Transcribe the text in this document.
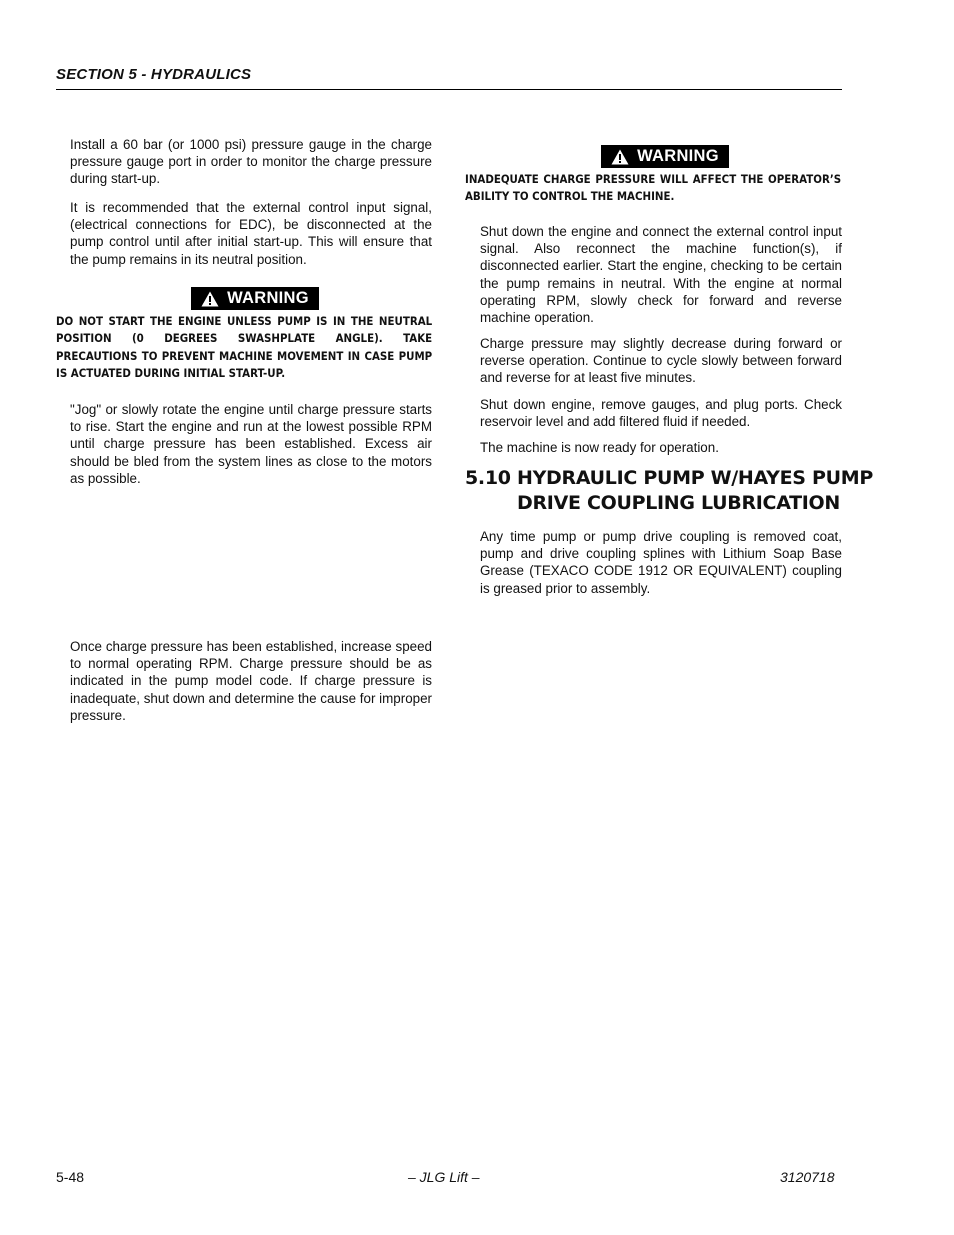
SECTION 5 - HYDRAULICS

Install a 60 bar (or 1000 psi) pressure gauge in the charge pressure gauge port in order to monitor the charge pressure during start-up.

It is recommended that the external control input signal, (electrical connections for EDC), be disconnected at the pump control until after initial start-up. This will ensure that the pump remains in its neutral position.

WARNING

DO NOT START THE ENGINE UNLESS PUMP IS IN THE NEUTRAL POSITION (0 DEGREES SWASHPLATE ANGLE). TAKE PRECAUTIONS TO PREVENT MACHINE MOVEMENT IN CASE PUMP IS ACTUATED DURING INITIAL START-UP.

"Jog" or slowly rotate the engine until charge pressure starts to rise. Start the engine and run at the lowest possible RPM until charge pressure has been established. Excess air should be bled from the system lines as close to the motors as possible.

Once charge pressure has been established, increase speed to normal operating RPM. Charge pressure should be as indicated in the pump model code. If charge pressure is inadequate, shut down and determine the cause for improper pressure.

WARNING

INADEQUATE CHARGE PRESSURE WILL AFFECT THE OPERATOR’S ABILITY TO CONTROL THE MACHINE.

Shut down the engine and connect the external control input signal. Also reconnect the machine function(s), if disconnected earlier. Start the engine, checking to be certain the pump remains in neutral. With the engine at normal operating RPM, slowly check for forward and reverse machine operation.

Charge pressure may slightly decrease during forward or reverse operation. Continue to cycle slowly between forward and reverse for at least five minutes.

Shut down engine, remove gauges, and plug ports. Check reservoir level and add filtered fluid if needed.

The machine is now ready for operation.

5.10 HYDRAULIC PUMP W/HAYES PUMP
DRIVE COUPLING LUBRICATION

Any time pump or pump drive coupling is removed coat, pump and drive coupling splines with Lithium Soap Base Grease (TEXACO CODE 1912 OR EQUIVALENT) coupling is greased prior to assembly.

5-48	– JLG Lift –	3120718
